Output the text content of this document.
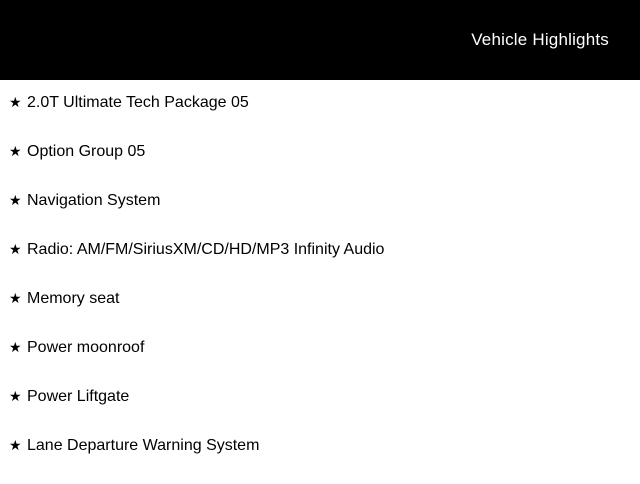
Vehicle Highlights
★ 2.0T Ultimate Tech Package 05
★ Option Group 05
★ Navigation System
★ Radio: AM/FM/SiriusXM/CD/HD/MP3 Infinity Audio
★ Memory seat
★ Power moonroof
★ Power Liftgate
★ Lane Departure Warning System
